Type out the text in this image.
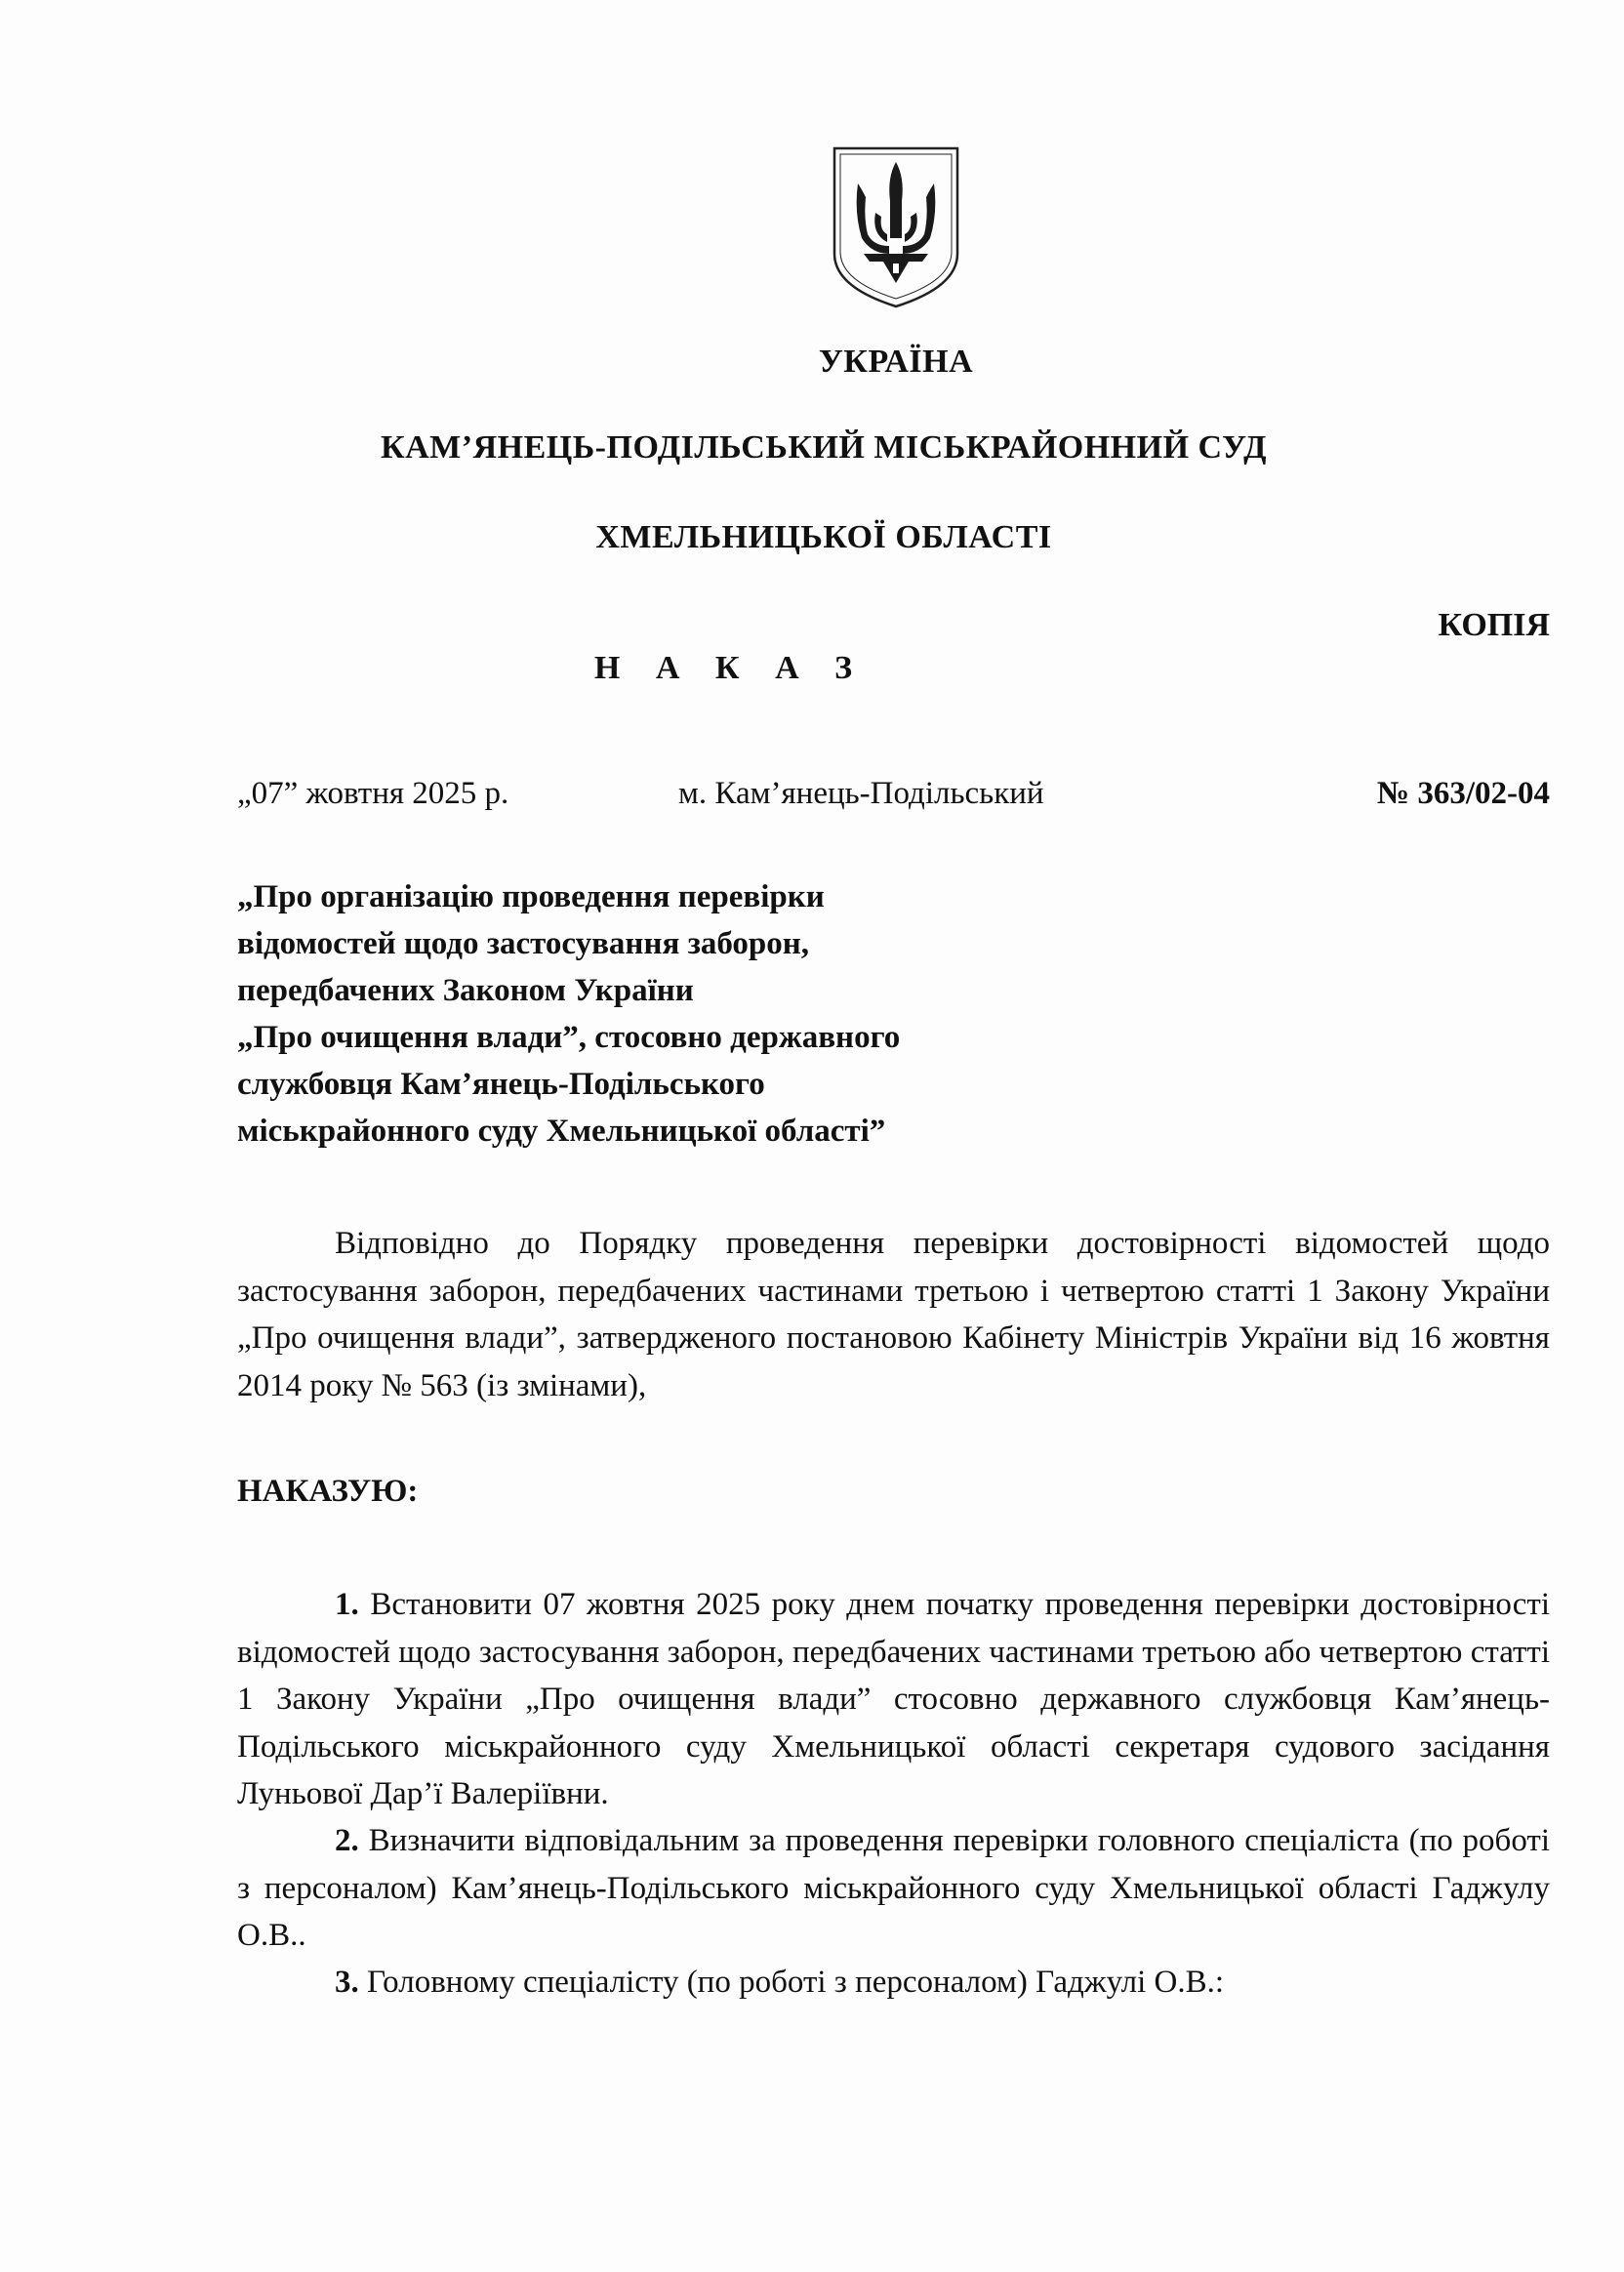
УКРАЇНА
КАМ’ЯНЕЦЬ-ПОДІЛЬСЬКИЙ МІСЬКРАЙОННИЙ СУД
ХМЕЛЬНИЦЬКОЇ ОБЛАСТІ
КОПІЯ
Н А К А З
„07” жовтня 2025 р.	м. Кам’янець-Подільський	№ 363/02-04
„Про організацію проведення перевірки
відомостей щодо застосування заборон,
передбачених Законом України
„Про очищення влади”, стосовно державного
службовця Кам’янець-Подільського
міськрайонного суду Хмельницької області”
Відповідно до Порядку проведення перевірки достовірності відомостей щодо застосування заборон, передбачених частинами третьою і четвертою статті 1 Закону України „Про очищення влади”, затвердженого постановою Кабінету Міністрів України від 16 жовтня 2014 року № 563 (із змінами),
НАКАЗУЮ:
1. Встановити 07 жовтня 2025 року днем початку проведення перевірки достовірності відомостей щодо застосування заборон, передбачених частинами третьою або четвертою статті 1 Закону України „Про очищення влади” стосовно державного службовця Кам’янець-Подільського міськрайонного суду Хмельницької області секретаря судового засідання Луньової Дар’ї Валеріївни.
2. Визначити відповідальним за проведення перевірки головного спеціаліста (по роботі з персоналом) Кам’янець-Подільського міськрайонного суду Хмельницької області Гаджулу О.В..
3. Головному спеціалісту (по роботі з персоналом) Гаджулі О.В.:
